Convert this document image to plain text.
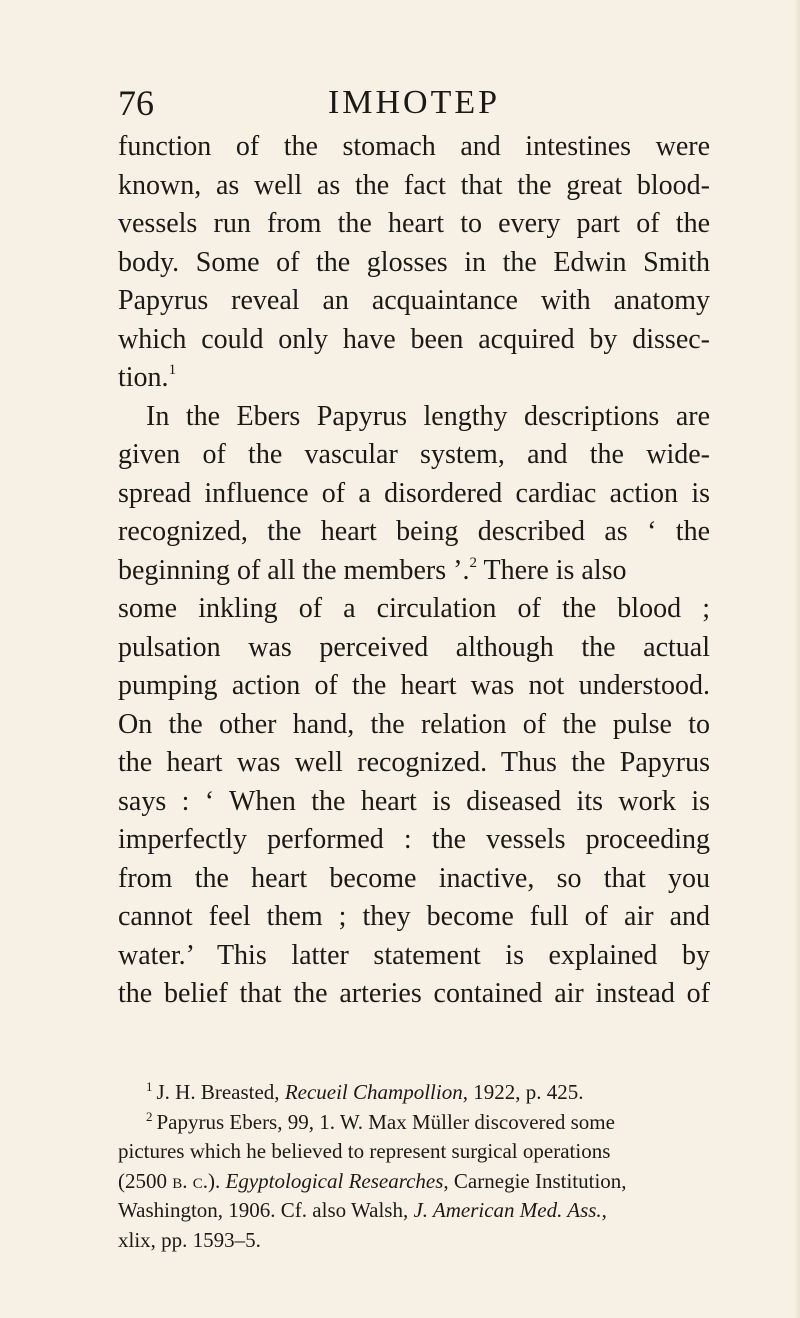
76	IMHOTEP
function of the stomach and intestines were
known, as well as the fact that the great blood-
vessels run from the heart to every part of the
body. Some of the glosses in the Edwin Smith
Papyrus reveal an acquaintance with anatomy
which could only have been acquired by dissec-
tion.$^1$
In the Ebers Papyrus lengthy descriptions are
given of the vascular system, and the wide-
spread influence of a disordered cardiac action is
recognized, the heart being described as ‘ the
beginning of all the members ’.$^2$ There is also
some inkling of a circulation of the blood ;
pulsation was perceived although the actual
pumping action of the heart was not understood.
On the other hand, the relation of the pulse to
the heart was well recognized. Thus the Papyrus
says : ‘ When the heart is diseased its work is
imperfectly performed : the vessels proceeding
from the heart become inactive, so that you
cannot feel them ; they become full of air and
water.’ This latter statement is explained by
the belief that the arteries contained air instead of
$^1$ J. H. Breasted, Recueil Champollion, 1922, p. 425.
$^2$ Papyrus Ebers, 99, 1. W. Max Müller discovered some
pictures which he believed to represent surgical operations
(2500 b. c.). Egyptological Researches, Carnegie Institution,
Washington, 1906. Cf. also Walsh, J. American Med. Ass.,
xlix, pp. 1593–5.
